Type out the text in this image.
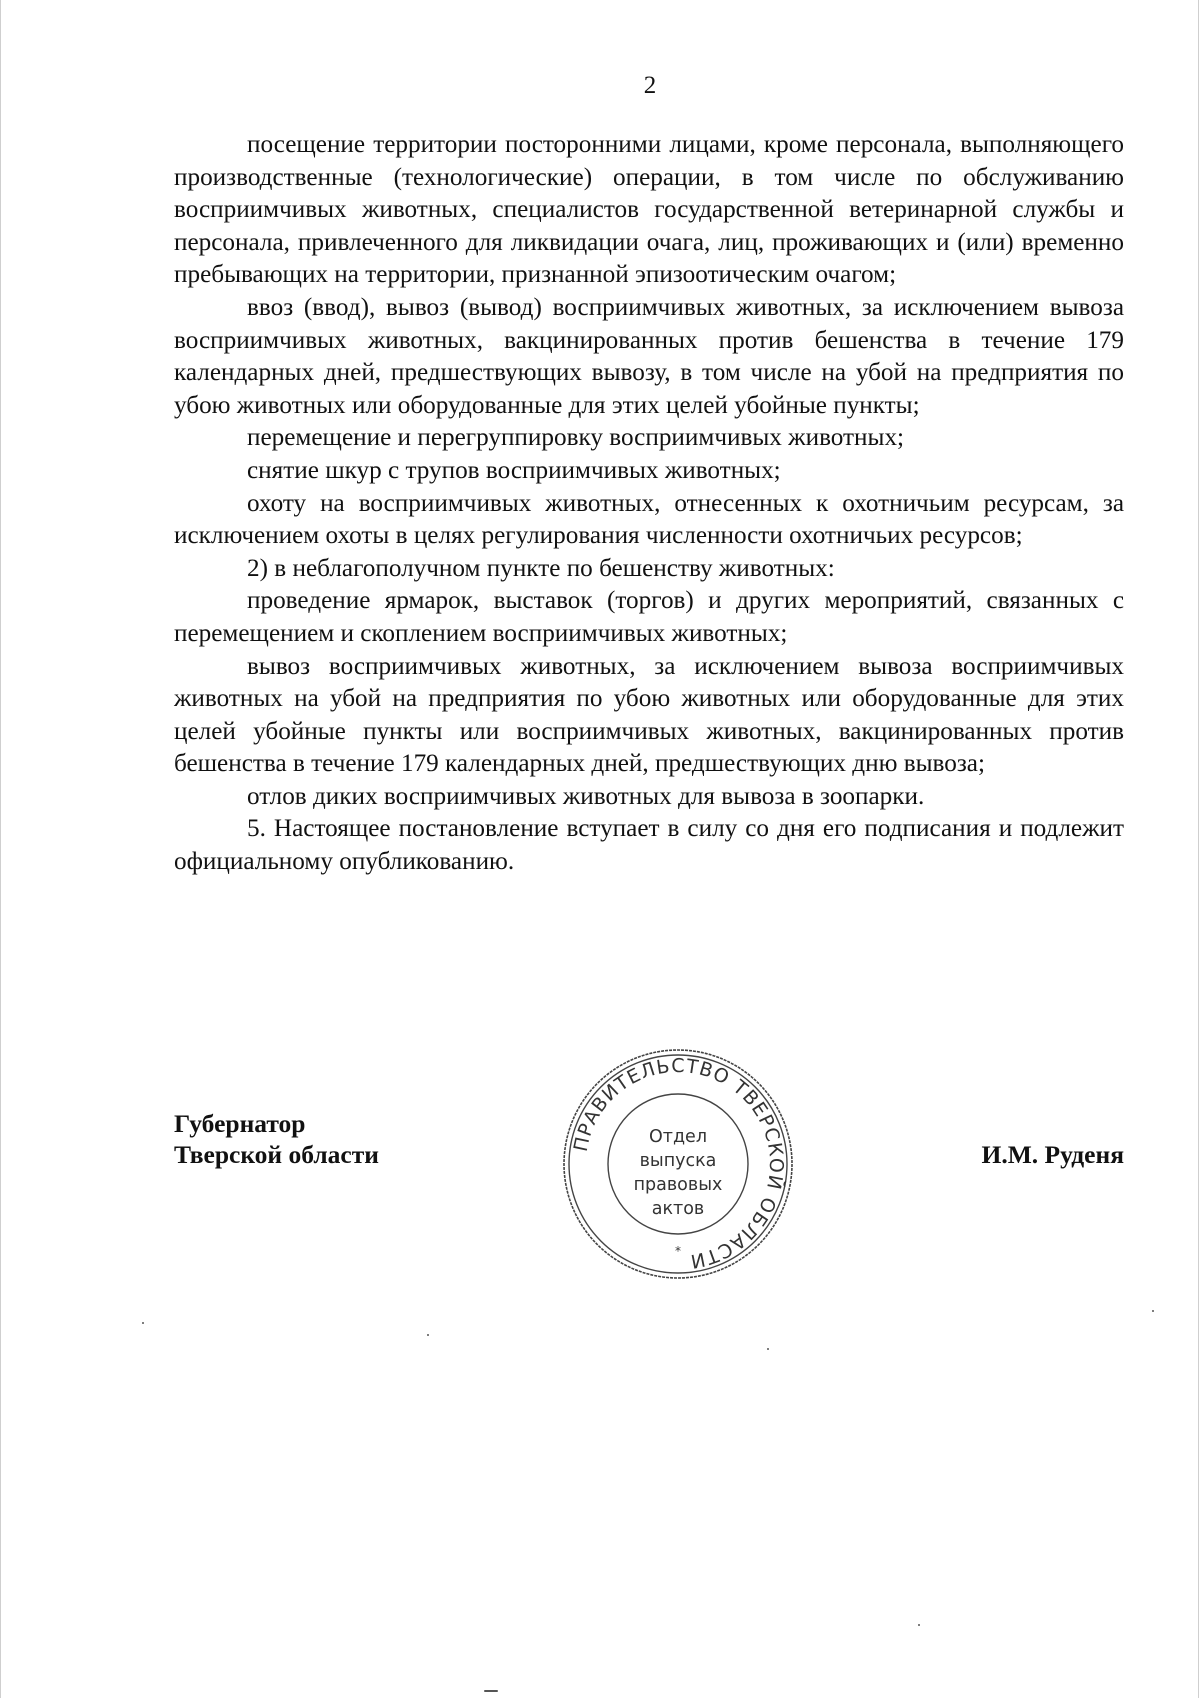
2

посещение территории посторонними лицами, кроме персонала, выполняющего производственные (технологические) операции, в том числе по обслуживанию восприимчивых животных, специалистов государственной ветеринарной службы и персонала, привлеченного для ликвидации очага, лиц, проживающих и (или) временно пребывающих на территории, признанной эпизоотическим очагом;

ввоз (ввод), вывоз (вывод) восприимчивых животных, за исключением вывоза восприимчивых животных, вакцинированных против бешенства в течение 179 календарных дней, предшествующих вывозу, в том числе на убой на предприятия по убою животных или оборудованные для этих целей убойные пункты;

перемещение и перегруппировку восприимчивых животных;

снятие шкур с трупов восприимчивых животных;

охоту на восприимчивых животных, отнесенных к охотничьим ресурсам, за исключением охоты в целях регулирования численности охотничьих ресурсов;

2) в неблагополучном пункте по бешенству животных:

проведение ярмарок, выставок (торгов) и других мероприятий, связанных с перемещением и скоплением восприимчивых животных;

вывоз восприимчивых животных, за исключением вывоза восприимчивых животных на убой на предприятия по убою животных или оборудованные для этих целей убойные пункты или восприимчивых животных, вакцинированных против бешенства в течение 179 календарных дней, предшествующих дню вывоза;

отлов диких восприимчивых животных для вывоза в зоопарки.

5. Настоящее постановление вступает в силу со дня его подписания и подлежит официальному опубликованию.

Губернатор
Тверской области	ПРАВИТЕЛЬСТВО ТВЕРСКОЙ ОБЛАСТИ
Отдел
выпуска
правовых
актов
*
И.М. Руденя
